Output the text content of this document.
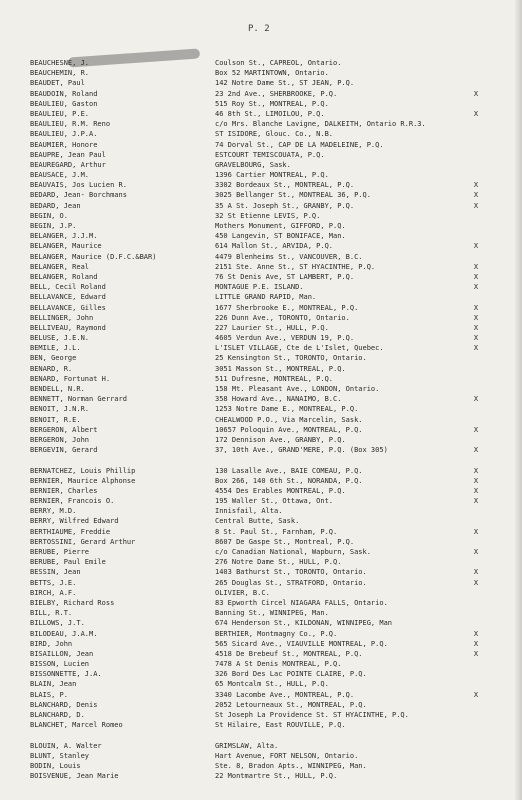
P. 2
BEAUCHESNE, J.	Coulson St., CAPREOL, Ontario.
BEAUCHEMIN, R.	Box 52 MARTINTOWN, Ontario.
BEAUDET, Paul	142 Notre Dame St., ST JEAN, P.Q.
BEAUDOIN, Roland	23 2nd Ave., SHERBROOKE, P.Q.	X
BEAULIEU, Gaston	515 Roy St., MONTREAL, P.Q.
BEAULIEU, P.E.	46 8th St., LIMOILOU, P.Q.	X
BEAULIEU, R.M. Reno	c/o Mrs. Blanche Lavigne, DALKEITH, Ontario R.R.3.
BEAULIEU, J.P.A.	ST ISIDORE, Glouc. Co., N.B.
BEAUMIER, Honore	74 Dorval St., CAP DE LA MADELEINE, P.Q.
BEAUPRE, Jean Paul	ESTCOURT TEMISCOUATA, P.Q.
BEAUREGARD, Arthur	GRAVELBOURG, Sask.
BEAUSACE, J.M.	1396 Cartier MONTREAL, P.Q.
BEAUVAIS, Jos Lucien R.	3302 Bordeaux St., MONTREAL, P.Q.	X
BEDARD, Jean- Borchmans	3025 Bellanger St., MONTREAL 36, P.Q.	X
BEDARD, Jean	35 A St. Joseph St., GRANBY, P.Q.	X
BEGIN, O.	32 St Etienne LEVIS, P.Q.
BEGIN, J.P.	Mothers Monument, GIFFORD, P.Q.
BELANGER, J.J.M.	450 Langevin, ST BONIFACE, Man.
BELANGER, Maurice	614 Mallon St., ARVIDA, P.Q.	X
BELANGER, Maurice (D.F.C.&BAR)	4479 Blenheims St., VANCOUVER, B.C.
BELANGER, Real	2151 Ste. Anne St., ST HYACINTHE, P.Q.	X
BELANGER, Roland	76 St Denis Ave, ST LAMBERT, P.Q.	X
BELL, Cecil Roland	MONTAGUE P.E. ISLAND.	X
BELLAVANCE, Edward	LITTLE GRAND RAPID, Man.
BELLAVANCE, Gilles	1677 Sherbrooke E., MONTREAL, P.Q.	X
BELLINGER, John	226 Dunn Ave., TORONTO, Ontario.	X
BELLIVEAU, Raymond	227 Laurier St., HULL, P.Q.	X
BELUSE, J.E.N.	4605 Verdun Ave., VERDUN 19, P.Q.	X
BEMILE, J.L.	L'ISLET VILLAGE, Cte de L'Islet, Quebec.	X
BEN, George	25 Kensington St., TORONTO, Ontario.
BENARD, R.	3051 Masson St., MONTREAL, P.Q.
BENARD, Fortunat H.	511 Dufresne, MONTREAL, P.Q.
BENDELL, N.R.	158 Mt. Pleasant Ave., LONDON, Ontario.
BENNETT, Norman Gerrard	358 Howard Ave., NANAIMO, B.C.	X
BENOIT, J.N.R.	1253 Notre Dame E., MONTREAL, P.Q.
BENOIT, R.E.	CHEALWOOD P.O., Via Marcelin, Sask.
BERGERON, Albert	10657 Poloquin Ave., MONTREAL, P.Q.	X
BERGERON, John	172 Dennison Ave., GRANBY, P.Q.
BERGEVIN, Gerard	37, 10th Ave., GRAND'MERE, P.Q. (Box 305)	X
BERNATCHEZ, Louis Phillip	130 Lasalle Ave., BAIE COMEAU, P.Q.	X
BERNIER, Maurice Alphonse	Box 266, 140 6th St., NORANDA, P.Q.	X
BERNIER, Charles	4554 Des Erables MONTREAL, P.Q.	X
BERNIER, Francois O.	195 Waller St., Ottawa, Ont.	X
BERRY, M.D.	Innisfail, Alta.
BERRY, Wilfred Edward	Central Butte, Sask.
BERTHIAUME, Freddie	8 St. Paul St., Farnham, P.Q.	X
BERTOSSINI, Gerard Arthur	8607 De Gaspe St., Montreal, P.Q.
BERUBE, Pierre	c/o Canadian National, Wapburn, Sask.	X
BERUBE, Paul Emile	276 Notre Dame St., HULL, P.Q.
BESSIN, Jean	1403 Bathurst St., TORONTO, Ontario.	X
BETTS, J.E.	265 Douglas St., STRATFORD, Ontario.	X
BIRCH, A.F.	OLIVIER, B.C.
BIELBY, Richard Ross	83 Epworth Circel NIAGARA FALLS, Ontario.
BILL, R.T.	Banning St., WINNIPEG, Man.
BILLOWS, J.T.	674 Henderson St., KILDONAN, WINNIPEG, Man
BILODEAU, J.A.M.	BERTHIER, Montmagny Co., P.Q.	X
BIRD, John	565 Sicard Ave., VIAUVILLE MONTREAL, P.Q.	X
BISAILLON, Jean	4518 De Brebeuf St., MONTREAL, P.Q.	X
BISSON, Lucien	7478 A St Denis MONTREAL, P.Q.
BISSONNETTE, J.A.	326 Bord Des Lac POINTE CLAIRE, P.Q.
BLAIN, Jean	65 Montcalm St., HULL, P.Q.
BLAIS, P.	3340 Lacombe Ave., MONTREAL, P.Q.	X
BLANCHARD, Denis	2052 Letourneaux St., MONTREAL, P.Q.
BLANCHARD, D.	St Joseph La Providence St. ST HYACINTHE, P.Q.
BLANCHET, Marcel Romeo	St Hilaire, East ROUVILLE, P.Q.
BLOUIN, A. Walter	GRIMSLAW, Alta.
BLUNT, Stanley	Hart Avenue, FORT NELSON, Ontario.
BODIN, Louis	Ste. 8, Bradon Apts., WINNIPEG, Man.
BOISVENUE, Jean Marie	22 Montmartre St., HULL, P.Q.
